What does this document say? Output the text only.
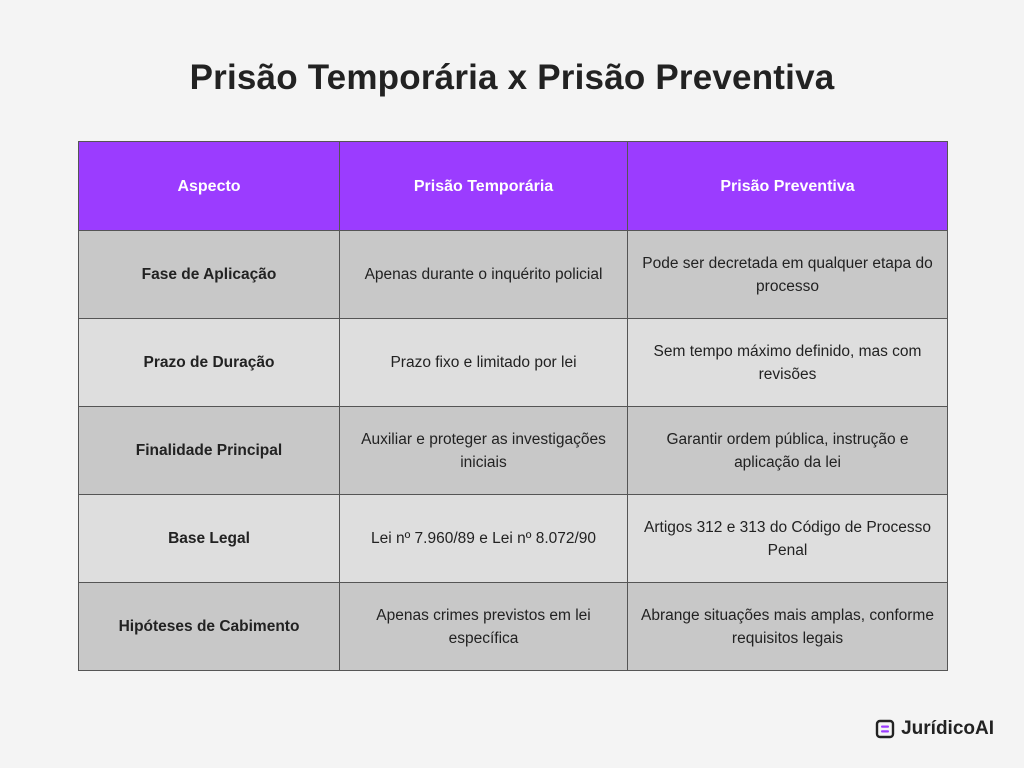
Prisão Temporária x Prisão Preventiva
Aspecto	Prisão Temporária	Prisão Preventiva
Fase de Aplicação	Apenas durante o inquérito policial	Pode ser decretada em qualquer etapa do processo
Prazo de Duração	Prazo fixo e limitado por lei	Sem tempo máximo definido, mas com revisões
Finalidade Principal	Auxiliar e proteger as investigações iniciais	Garantir ordem pública, instrução e aplicação da lei
Base Legal	Lei nº 7.960/89 e Lei nº 8.072/90	Artigos 312 e 313 do Código de Processo Penal
Hipóteses de Cabimento	Apenas crimes previstos em lei específica	Abrange situações mais amplas, conforme requisitos legais
JurídicoAI
